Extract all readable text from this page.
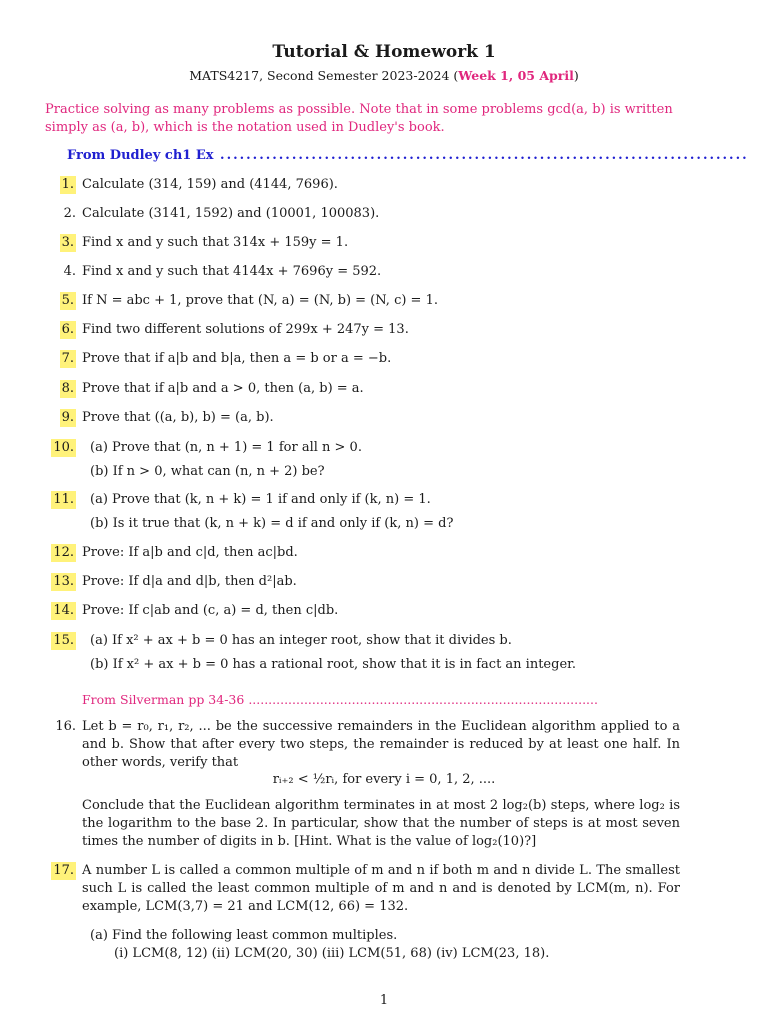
Tutorial & Homework 1
MATS4217, Second Semester 2023-2024 (Week 1, 05 April)
Practice solving as many problems as possible. Note that in some problems gcd(a, b) is written simply as (a, b), which is the notation used in Dudley's book.
From Dudley ch1 Ex .................................................................................
1. Calculate (314, 159) and (4144, 7696).
2. Calculate (3141, 1592) and (10001, 100083).
3. Find x and y such that 314x + 159y = 1.
4. Find x and y such that 4144x + 7696y = 592.
5. If N = abc + 1, prove that (N, a) = (N, b) = (N, c) = 1.
6. Find two different solutions of 299x + 247y = 13.
7. Prove that if a|b and b|a, then a = b or a = −b.
8. Prove that if a|b and a > 0, then (a, b) = a.
9. Prove that ((a, b), b) = (a, b).
10. (a) Prove that (n, n + 1) = 1 for all n > 0.
(b) If n > 0, what can (n, n + 2) be?
11. (a) Prove that (k, n + k) = 1 if and only if (k, n) = 1.
(b) Is it true that (k, n + k) = d if and only if (k, n) = d?
12. Prove: If a|b and c|d, then ac|bd.
13. Prove: If d|a and d|b, then d²|ab.
14. Prove: If c|ab and (c, a) = d, then c|db.
15. (a) If x² + ax + b = 0 has an integer root, show that it divides b.
(b) If x² + ax + b = 0 has a rational root, show that it is in fact an integer.
From Silverman pp 34-36 ........................................................................................
16. Let b = r₀, r₁, r₂, ... be the successive remainders in the Euclidean algorithm applied to a and b. Show that after every two steps, the remainder is reduced by at least one half. In other words, verify that
rᵢ₊₂ < ½rᵢ, for every i = 0, 1, 2, ....
Conclude that the Euclidean algorithm terminates in at most 2 log₂(b) steps, where log₂ is the logarithm to the base 2. In particular, show that the number of steps is at most seven times the number of digits in b. [Hint. What is the value of log₂(10)?]
17. A number L is called a common multiple of m and n if both m and n divide L. The smallest such L is called the least common multiple of m and n and is denoted by LCM(m, n). For example, LCM(3,7) = 21 and LCM(12, 66) = 132.
(a) Find the following least common multiples.
(i) LCM(8, 12) (ii) LCM(20, 30) (iii) LCM(51, 68) (iv) LCM(23, 18).
1
